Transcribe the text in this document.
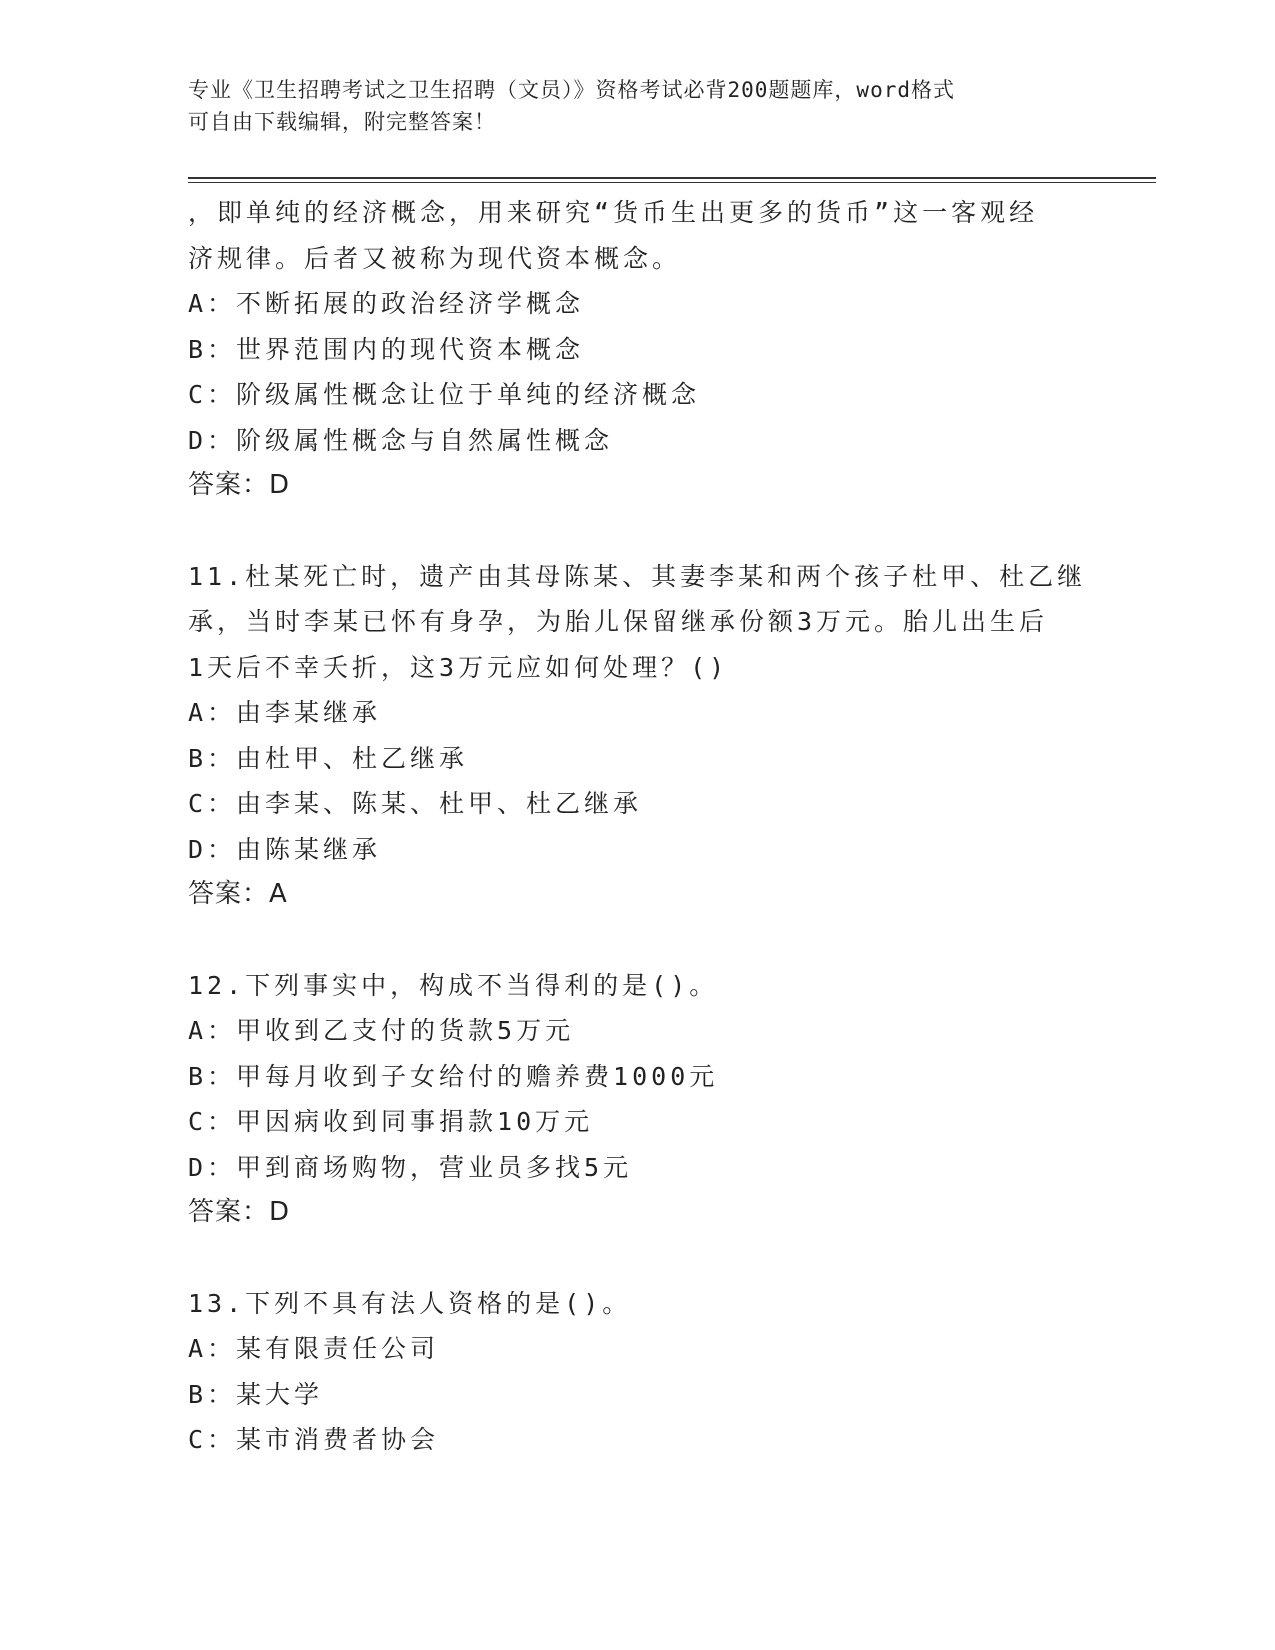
专业《卫生招聘考试之卫生招聘（文员）》资格考试必背200题题库，word格式
可自由下载编辑，附完整答案！
，即单纯的经济概念，用来研究“货币生出更多的货币”这一客观经
济规律。后者又被称为现代资本概念。
A：不断拓展的政治经济学概念
B：世界范围内的现代资本概念
C：阶级属性概念让位于单纯的经济概念
D：阶级属性概念与自然属性概念
答案：D
11.杜某死亡时，遗产由其母陈某、其妻李某和两个孩子杜甲、杜乙继
承，当时李某已怀有身孕，为胎儿保留继承份额3万元。胎儿出生后
1天后不幸夭折，这3万元应如何处理？()
A：由李某继承
B：由杜甲、杜乙继承
C：由李某、陈某、杜甲、杜乙继承
D：由陈某继承
答案：A
12.下列事实中，构成不当得利的是()。
A：甲收到乙支付的货款5万元
B：甲每月收到子女给付的赡养费1000元
C：甲因病收到同事捐款10万元
D：甲到商场购物，营业员多找5元
答案：D
13.下列不具有法人资格的是()。
A：某有限责任公司
B：某大学
C：某市消费者协会
